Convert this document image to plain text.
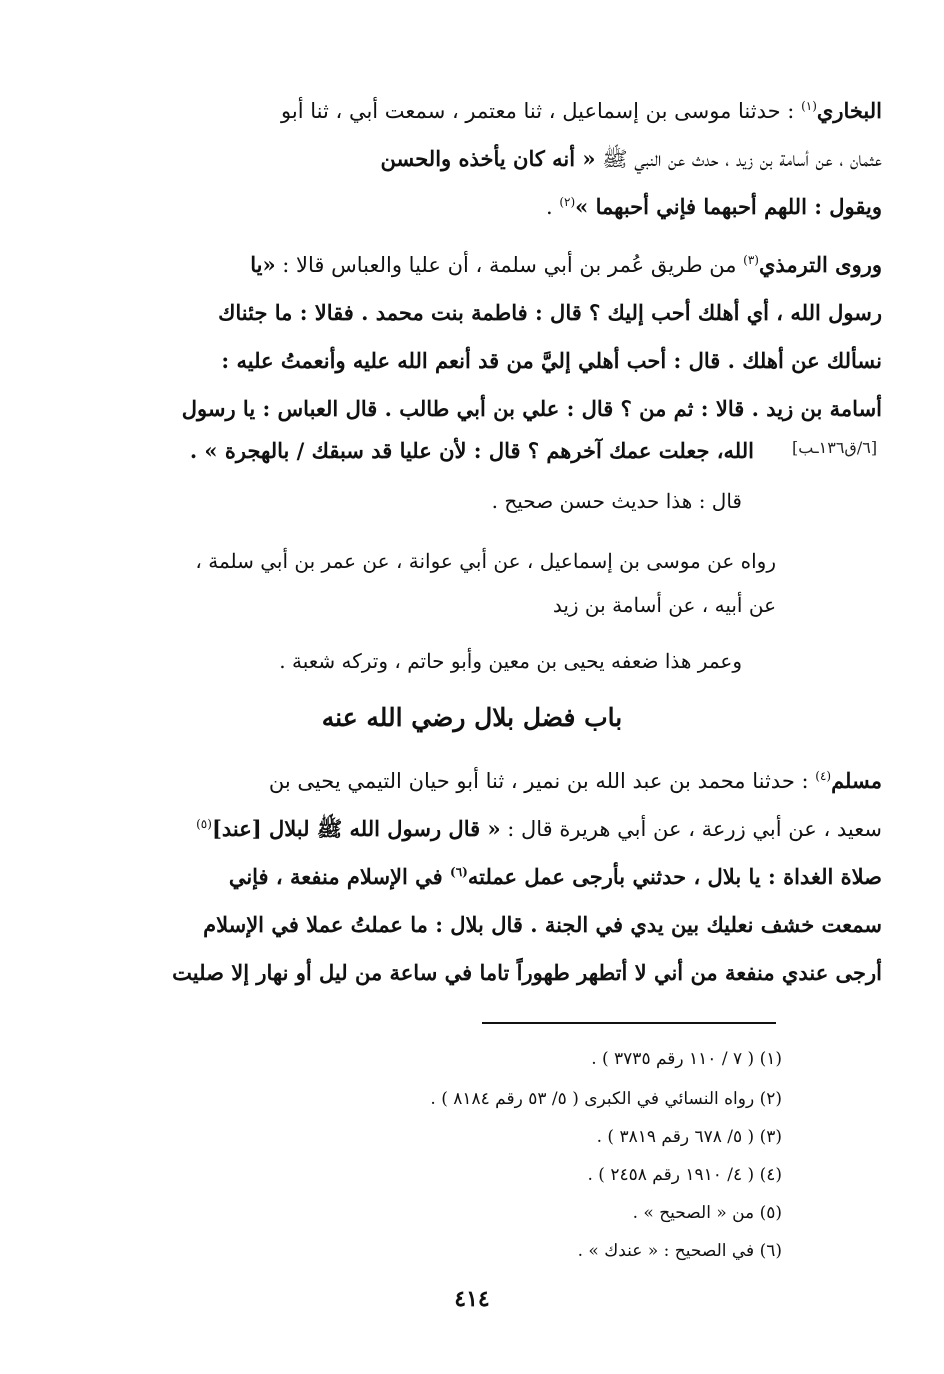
البخاري$^{(١)}$ : حدثنا موسى بن إسماعيل ، ثنا معتمر ، سمعت أبي ، ثنا أبو
عثمان ، عن أسامة بن زيد ، حدث عن النبي ﷺ « أنه كان يأخذه والحسن
ويقول : اللهم أحبهما فإني أحبهما »$^{(٢)}$ .
وروى الترمذي$^{(٣)}$ من طريق عُمر بن أبي سلمة ، أن عليا والعباس قالا : «يا
رسول الله ، أي أهلك أحب إليك ؟ قال : فاطمة بنت محمد . فقالا : ما جئناك
نسألك عن أهلك . قال : أحب أهلي إليَّ من قد أنعم الله عليه وأنعمتُ عليه :
أسامة بن زيد . قالا : ثم من ؟ قال : علي بن أبي طالب . قال العباس : يا رسول
الله، جعلت عمك آخرهم ؟ قال : لأن عليا قد سبقك / بالهجرة » . [٦/ق١٣٦ـب]
قال : هذا حديث حسن صحيح .
رواه عن موسى بن إسماعيل ، عن أبي عوانة ، عن عمر بن أبي سلمة ،
عن أبيه ، عن أسامة بن زيد
وعمر هذا ضعفه يحيى بن معين وأبو حاتم ، وتركه شعبة .
باب فضل بلال رضي الله عنه
مسلم$^{(٤)}$ : حدثنا محمد بن عبد الله بن نمير ، ثنا أبو حيان التيمي يحيى بن
سعيد ، عن أبي زرعة ، عن أبي هريرة قال : « قال رسول الله ﷺ لبلال [عند]$^{(٥)}$
صلاة الغداة : يا بلال ، حدثني بأرجى عمل عملته$^{(٦)}$ في الإسلام منفعة ، فإني
سمعت خشف نعليك بين يدي في الجنة . قال بلال : ما عملتُ عملا في الإسلام
أرجى عندي منفعة من أني لا أتطهر طهوراً تاما في ساعة من ليل أو نهار إلا صليت
(١) ( ٧ / ١١٠ رقم ٣٧٣٥ ) .
(٢) رواه النسائي في الكبرى ( ٥/ ٥٣ رقم ٨١٨٤ ) .
(٣) ( ٥/ ٦٧٨ رقم ٣٨١٩ ) .
(٤) ( ٤/ ١٩١٠ رقم ٢٤٥٨ ) .
(٥) من « الصحيح » .
(٦) في الصحيح : « عندك » .
٤١٤
